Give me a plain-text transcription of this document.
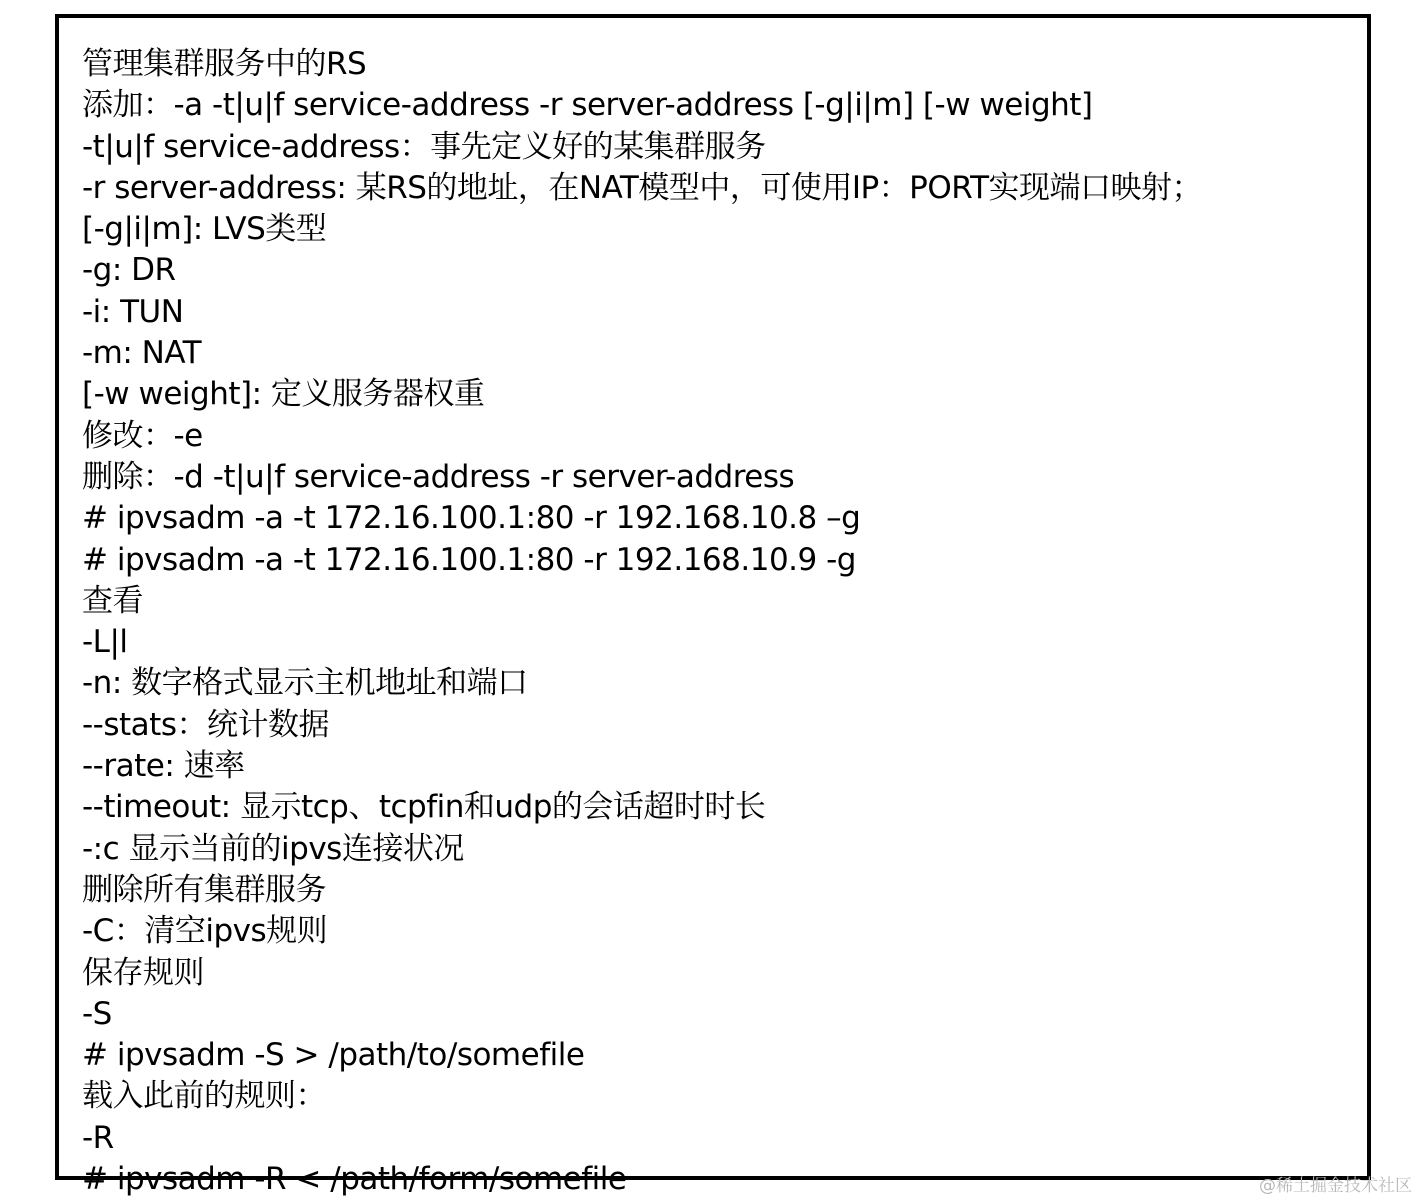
管理集群服务中的RS
添加：-a -t|u|f service-address -r server-address [-g|i|m] [-w weight]
-t|u|f service-address：事先定义好的某集群服务
-r server-address: 某RS的地址，在NAT模型中，可使用IP：PORT实现端口映射；
[-g|i|m]: LVS类型
-g: DR
-i: TUN
-m: NAT
[-w weight]: 定义服务器权重
修改：-e
删除：-d -t|u|f service-address -r server-address
# ipvsadm -a -t 172.16.100.1:80 -r 192.168.10.8 –g
# ipvsadm -a -t 172.16.100.1:80 -r 192.168.10.9 -g
查看
-L|l
-n: 数字格式显示主机地址和端口
--stats：统计数据
--rate: 速率
--timeout: 显示tcp、tcpfin和udp的会话超时时长
-:c 显示当前的ipvs连接状况
删除所有集群服务
-C：清空ipvs规则
保存规则
-S
# ipvsadm -S > /path/to/somefile
载入此前的规则：
-R
# ipvsadm -R < /path/form/somefile	@稀土掘金技术社区
